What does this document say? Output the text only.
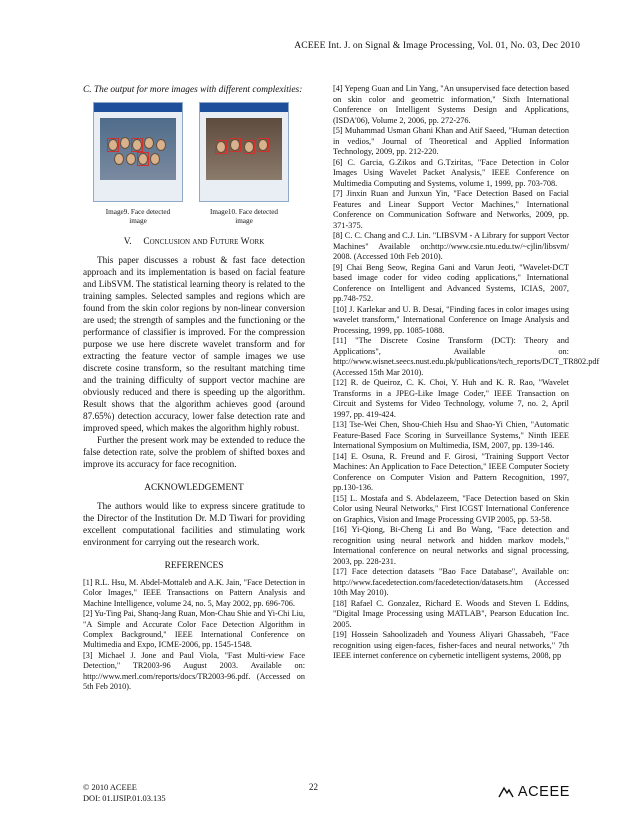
ACEEE Int. J. on Signal & Image Processing, Vol. 01, No. 03, Dec 2010
C. The output for more images with different complexities:
Image9. Face detected
image
Image10. Face detected
image
V. Conclusion and Future Work

This paper discusses a robust & fast face detection approach and its implementation is based on facial feature and LibSVM. The statistical learning theory is related to the training samples. Selected samples and regions which are found from the skin color regions by non-linear conversion are used; the strength of samples and the functioning or the performance of classifier is improved. For the compression purpose we use here discrete wavelet transform and for extracting the feature vector of sample images we use discrete cosine transform, so the resultant matching time and the training difficulty of support vector machine are obviously reduced and there is speeding up the algorithm. Result shows that the algorithm achieves good (around 87.65%) detection accuracy, lower false detection rate and improved speed, which makes the algorithm highly robust.

Further the present work may be extended to reduce the false detection rate, solve the problem of shifted boxes and improve its accuracy for face recognition.

ACKNOWLEDGEMENT

The authors would like to express sincere gratitude to the Director of the Institution Dr. M.D Tiwari for providing excellent computational facilities and stimulating work environment for carrying out the research work.

REFERENCES

[1] R.L. Hsu, M. Abdel-Mottaleb and A.K. Jain, "Face Detection in Color Images," IEEE Transactions on Pattern Analysis and Machine Intelligence, volume 24, no. 5, May 2002, pp. 696-706.

[2] Yu-Ting Pai, Shanq-Jang Ruan, Mon-Chau Shie and Yi-Chi Liu, "A Simple and Accurate Color Face Detection Algorithm in Complex Background," IEEE International Conference on Multimedia and Expo, ICME-2006, pp. 1545-1548.

[3] Michael J. Jone and Paul Viola, "Fast Multi-view Face Detection," TR2003-96 August 2003. Available on: http://www.merl.com/reports/docs/TR2003-96.pdf. (Accessed on 5th Feb 2010).

[4] Yepeng Guan and Lin Yang, "An unsupervised face detection based on skin color and geometric information," Sixth International Conference on Intelligent Systems Design and Applications, (ISDA'06), Volume 2, 2006, pp. 272-276.

[5] Muhammad Usman Ghani Khan and Atif Saeed, "Human detection in vedios," Journal of Theoretical and Applied Information Technology, 2009, pp. 212-220.

[6] C. Garcia, G.Zikos and G.Tziritas, "Face Detection in Color Images Using Wavelet Packet Analysis," IEEE Conference on Multimedia Computing and Systems, volume 1, 1999, pp. 703-708.

[7] Jinxin Ruan and Junxun Yin, "Face Detection Based on Facial Features and Linear Support Vector Machines," International Conference on Communication Software and Networks, 2009, pp. 371-375.

[8] C. C. Chang and C.J. Lin. "LIBSVM - A Library for support Vector Machines" Available on:http://www.csie.ntu.edu.tw/~cjlin/libsvm/ 2008. (Accessed 10th Feb 2010).

[9] Chai Beng Seow, Regina Gani and Varun Jeoti, "Wavelet-DCT based image coder for video coding applications," International Conference on Intelligent and Advanced Systems, ICIAS, 2007, pp.748-752.

[10] J. Karlekar and U. B. Desai, "Finding faces in color images using wavelet transform," International Conference on Image Analysis and Processing, 1999, pp. 1085-1088.

[11] "The Discrete Cosine Transform (DCT): Theory and Applications", Available on: http://www.wisnet.seecs.nust.edu.pk/publications/tech_reports/DCT_TR802.pdf (Accessed 15th Mar 2010).

[12] R. de Queiroz, C. K. Choi, Y. Huh and K. R. Rao, "Wavelet Transforms in a JPEG-Like Image Coder," IEEE Transaction on Circuit and Systems for Video Technology, volume 7, no. 2, April 1997, pp. 419-424.

[13] Tse-Wei Chen, Shou-Chieh Hsu and Shao-Yi Chien, "Automatic Feature-Based Face Scoring in Surveillance Systems," Ninth IEEE International Symposium on Multimedia, ISM, 2007, pp. 139-146.

[14] E. Osuna, R. Freund and F. Girosi, "Training Support Vector Machines: An Application to Face Detection," IEEE Computer Society Conference on Computer Vision and Pattern Recognition, 1997, pp.130-136.

[15] L. Mostafa and S. Abdelazeem, "Face Detection based on Skin Color using Neural Networks," First ICGST International Conference on Graphics, Vision and Image Processing GVIP 2005, pp. 53-58.

[16] Yi-Qiong, Bi-Cheng Li and Bo Wang, "Face detection and recognition using neural network and hidden markov models," International conference on neural networks and signal processing, 2003, pp. 228-231.

[17] Face detection datasets "Bao Face Database", Available on: http://www.facedetection.com/facedetection/datasets.htm (Accessed 10th May 2010).

[18] Rafael C. Gonzalez, Richard E. Woods and Steven L Eddins, "Digital Image Processing using MATLAB", Pearson Education Inc. 2005.

[19] Hossein Sahoolizadeh and Youness Aliyari Ghassabeh, "Face recognition using eigen-faces, fisher-faces and neural networks," 7th IEEE internet conference on cybernetic intelligent systems, 2008, pp

© 2010 ACEEE
DOI: 01.IJSIP.01.03.135
22	ACEEE
